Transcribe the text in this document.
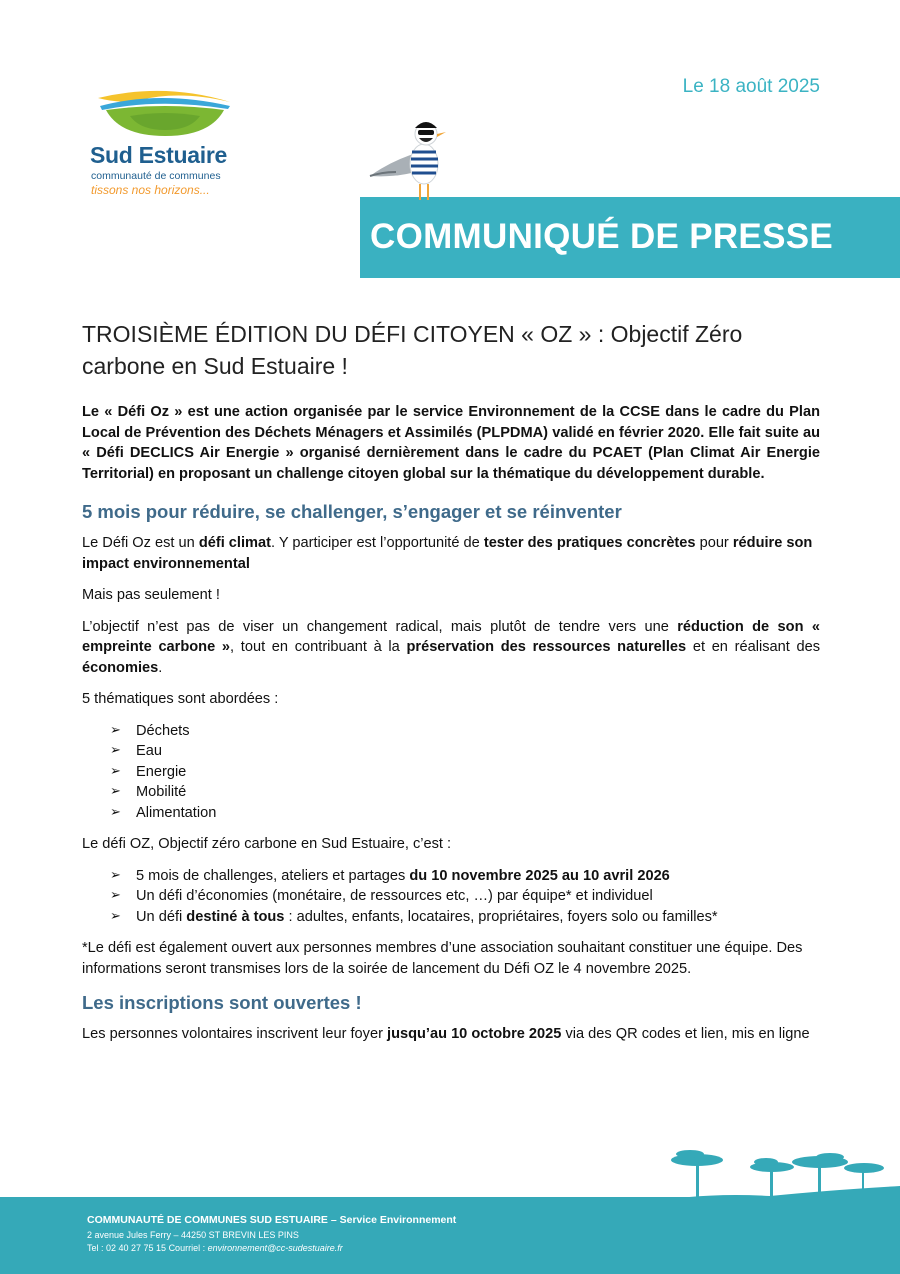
Sud Estuaire
communauté de communes
tissons nos horizons...
Le 18 août 2025
COMMUNIQUÉ DE PRESSE
TROISIÈME ÉDITION DU DÉFI CITOYEN « OZ » : Objectif Zéro carbone en Sud Estuaire !

Le « Défi Oz » est une action organisée par le service Environnement de la CCSE dans le cadre du Plan Local de Prévention des Déchets Ménagers et Assimilés (PLPDMA) validé en février 2020. Elle fait suite au « Défi DECLICS Air Energie » organisé dernièrement dans le cadre du PCAET (Plan Climat Air Energie Territorial) en proposant un challenge citoyen global sur la thématique du développement durable.

5 mois pour réduire, se challenger, s’engager et se réinventer

Le Défi Oz est un défi climat. Y participer est l’opportunité de tester des pratiques concrètes pour réduire son impact environnemental

Mais pas seulement !

L’objectif n’est pas de viser un changement radical, mais plutôt de tendre vers une réduction de son « empreinte carbone », tout en contribuant à la préservation des ressources naturelles et en réalisant des économies.

5 thématiques sont abordées :

➢ Déchets
➢ Eau
➢ Energie
➢ Mobilité
➢ Alimentation

Le défi OZ, Objectif zéro carbone en Sud Estuaire, c’est :

➢ 5 mois de challenges, ateliers et partages du 10 novembre 2025 au 10 avril 2026
➢ Un défi d’économies (monétaire, de ressources etc, …) par équipe* et individuel
➢ Un défi destiné à tous : adultes, enfants, locataires, propriétaires, foyers solo ou familles*

*Le défi est également ouvert aux personnes membres d’une association souhaitant constituer une équipe. Des informations seront transmises lors de la soirée de lancement du Défi OZ le 4 novembre 2025.

Les inscriptions sont ouvertes !

Les personnes volontaires inscrivent leur foyer jusqu’au 10 octobre 2025 via des QR codes et lien, mis en ligne

COMMUNAUTÉ DE COMMUNES SUD ESTUAIRE – Service Environnement
2 avenue Jules Ferry – 44250 ST BREVIN LES PINS
Tel : 02 40 27 75 15 Courriel : environnement@cc-sudestuaire.fr
